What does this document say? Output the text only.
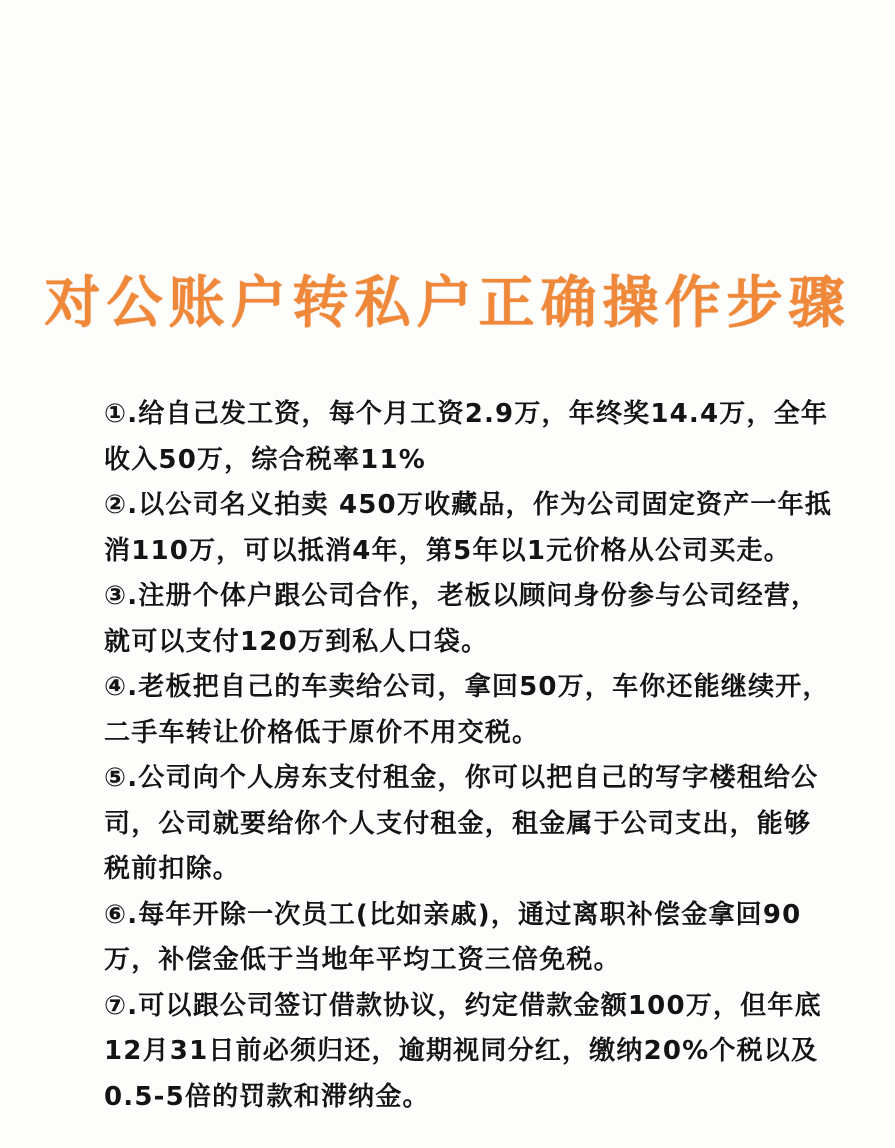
对公账户转私户正确操作步骤
①.给自己发工资，每个月工资2.9万，年终奖14.4万，全年收入50万，综合税率11%
②.以公司名义拍卖 450万收藏品，作为公司固定资产一年抵消110万，可以抵消4年，第5年以1元价格从公司买走。
③.注册个体户跟公司合作，老板以顾问身份参与公司经营，就可以支付120万到私人口袋。
④.老板把自己的车卖给公司，拿回50万，车你还能继续开，二手车转让价格低于原价不用交税。
⑤.公司向个人房东支付租金，你可以把自己的写字楼租给公司，公司就要给你个人支付租金，租金属于公司支出，能够税前扣除。
⑥.每年开除一次员工(比如亲戚)，通过离职补偿金拿回90万，补偿金低于当地年平均工资三倍免税。
⑦.可以跟公司签订借款协议，约定借款金额100万，但年底12月31日前必须归还，逾期视同分红，缴纳20%个税以及0.5-5倍的罚款和滞纳金。
